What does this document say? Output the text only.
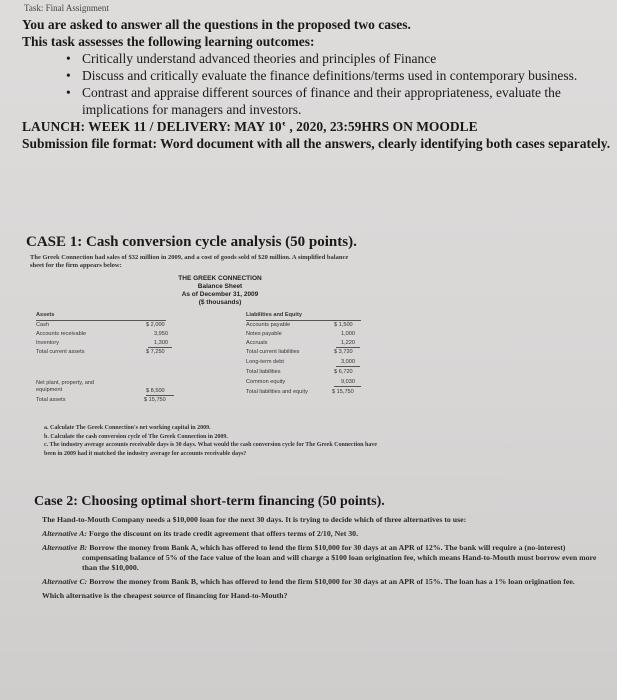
Task: Final Assignment
You are asked to answer all the questions in the proposed two cases.
This task assesses the following learning outcomes:
• Critically understand advanced theories and principles of Finance
• Discuss and critically evaluate the finance definitions/terms used in contemporary business.
• Contrast and appraise different sources of finance and their appropriateness, evaluate the implications for managers and investors.
LAUNCH: WEEK 11 / DELIVERY: MAY 10ʽ , 2020, 23:59HRS ON MOODLE
Submission file format: Word document with all the answers, clearly identifying both cases separately.
CASE 1: Cash conversion cycle analysis (50 points).
The Greek Connection had sales of $32 million in 2009, and a cost of goods sold of $20 million. A simplified balance sheet for the firm appears below:
THE GREEK CONNECTION
Balance Sheet
As of December 31, 2009
($ thousands)
Assets	Liabilities and Equity
Cash	$ 2,000
Accounts receivable	3,950
Inventory	1,300
Total current assets	$ 7,250
Net plant, property, and equipment	$ 8,500
Total assets	$ 15,750
Accounts payable	$ 1,500
Notes payable	1,000
Accruals	1,220
Total current liabilities	$ 3,720
Long-term debt	3,000
Total liabilities	$ 6,720
Common equity	9,030
Total liabilities and equity	$ 15,750
a. Calculate The Greek Connection's net working capital in 2009.
b. Calculate the cash conversion cycle of The Greek Connection in 2009.
c. The industry average accounts receivable days is 30 days. What would the cash conversion cycle for The Greek Connection have been in 2009 had it matched the industry average for accounts receivable days?
Case 2: Choosing optimal short-term financing (50 points).

The Hand-to-Mouth Company needs a $10,000 loan for the next 30 days. It is trying to decide which of three alternatives to use:

Alternative A: Forgo the discount on its trade credit agreement that offers terms of 2/10, Net 30.

Alternative B: Borrow the money from Bank A, which has offered to lend the firm $10,000 for 30 days at an APR of 12%. The bank will require a (no-interest) compensating balance of 5% of the face value of the loan and will charge a $100 loan origination fee, which means Hand-to-Mouth must borrow even more than the $10,000.

Alternative C: Borrow the money from Bank B, which has offered to lend the firm $10,000 for 30 days at an APR of 15%. The loan has a 1% loan origination fee.

Which alternative is the cheapest source of financing for Hand-to-Mouth?
